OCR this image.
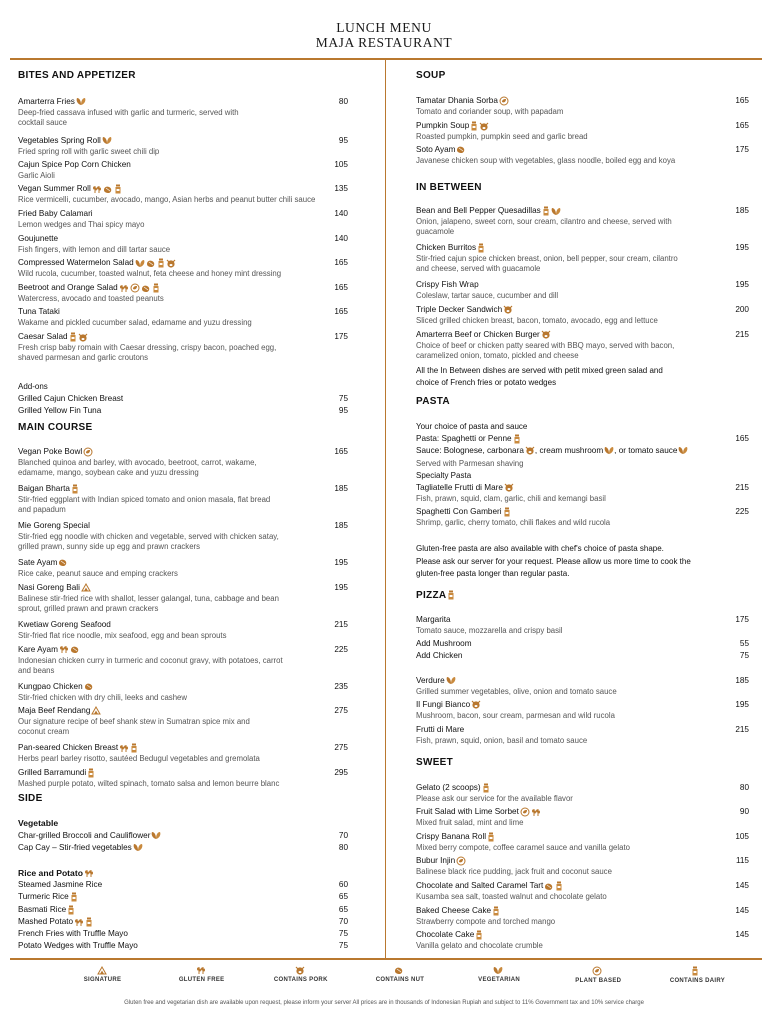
LUNCH MENU
MAJA RESTAURANT
BITES AND APPETIZER
Amarterra Fries	80
Deep-fried cassava infused with garlic and turmeric, served with
cocktail sauce
Vegetables Spring Roll	95
Fried spring roll with garlic sweet chili dip
Cajun Spice Pop Corn Chicken	105
Garlic Aioli
Vegan Summer Roll	135
Rice vermicelli, cucumber, avocado, mango, Asian herbs and peanut butter chili sauce
Fried Baby Calamari	140
Lemon wedges and Thai spicy mayo
Goujunette	140
Fish fingers, with lemon and dill tartar sauce
Compressed Watermelon Salad	165
Wild rucola, cucumber, toasted walnut, feta cheese and honey mint dressing
Beetroot and Orange Salad	165
Watercress, avocado and toasted peanuts
Tuna Tataki	165
Wakame and pickled cucumber salad, edamame and yuzu dressing
Caesar Salad	175
Fresh crisp baby romain with Caesar dressing, crispy bacon, poached egg,
shaved parmesan and garlic croutons
Add-ons
Grilled Cajun Chicken Breast	75
Grilled Yellow Fin Tuna	95
MAIN COURSE
Vegan Poke Bowl	165
Blanched quinoa and barley, with avocado, beetroot, carrot, wakame,
edamame, mango, soybean cake and yuzu dressing
Baigan Bharta	185
Stir-fried eggplant with Indian spiced tomato and onion masala, flat bread
and papadum
Mie Goreng Special	185
Stir-fried egg noodle with chicken and vegetable, served with chicken satay,
grilled prawn, sunny side up egg and prawn crackers
Sate Ayam	195
Rice cake, peanut sauce and emping crackers
Nasi Goreng Bali	195
Balinese stir-fried rice with shallot, lesser galangal, tuna, cabbage and bean
sprout, grilled prawn and prawn crackers
Kwetiaw Goreng Seafood	215
Stir-fried flat rice noodle, mix seafood, egg and bean sprouts
Kare Ayam	225
Indonesian chicken curry in turmeric and coconut gravy, with potatoes, carrot
and beans
Kungpao Chicken	235
Stir-fried chicken with dry chili, leeks and cashew
Maja Beef Rendang	275
Our signature recipe of beef shank stew in Sumatran spice mix and
coconut cream
Pan-seared Chicken Breast	275
Herbs pearl barley risotto, sautéed Bedugul vegetables and gremolata
Grilled Barramundi	295
Mashed purple potato, wilted spinach, tomato salsa and lemon beurre blanc
SIDE
Vegetable
Char-grilled Broccoli and Cauliflower	70
Cap Cay – Stir-fried vegetables	80
Rice and Potato
Steamed Jasmine Rice	60
Turmeric Rice	65
Basmati Rice	65
Mashed Potato	70
French Fries with Truffle Mayo	75
Potato Wedges with Truffle Mayo	75
SOUP
Tamatar Dhania Sorba	165
Tomato and coriander soup, with papadam
Pumpkin Soup	165
Roasted pumpkin, pumpkin seed and garlic bread
Soto Ayam	175
Javanese chicken soup with vegetables, glass noodle, boiled egg and koya
IN BETWEEN
Bean and Bell Pepper Quesadillas	185
Onion, jalapeno, sweet corn, sour cream, cilantro and cheese, served with
guacamole
Chicken Burritos	195
Stir-fried cajun spice chicken breast, onion, bell pepper, sour cream, cilantro
and cheese, served with guacamole
Crispy Fish Wrap	195
Coleslaw, tartar sauce, cucumber and dill
Triple Decker Sandwich	200
Sliced grilled chicken breast, bacon, tomato, avocado, egg and lettuce
Amarterra Beef or Chicken Burger	215
Choice of beef or chicken patty seared with BBQ mayo, served with bacon,
caramelized onion, tomato, pickled and cheese
All the In Between dishes are served with petit mixed green salad and
choice of French fries or potato wedges
PASTA
Your choice of pasta and sauce
Pasta: Spaghetti or Penne	165
Sauce: Bolognese, carbonara , cream mushroom , or tomato sauce
Served with Parmesan shaving
Specialty Pasta
Tagliatelle Frutti di Mare	215
Fish, prawn, squid, clam, garlic, chili and kemangi basil
Spaghetti Con Gamberi	225
Shrimp, garlic, cherry tomato, chili flakes and wild rucola
Gluten-free pasta are also available with chef's choice of pasta shape.
Please ask our server for your request. Please allow us more time to cook the
gluten-free pasta longer than regular pasta.
PIZZA
Margarita	175
Tomato sauce, mozzarella and crispy basil
Add Mushroom	55
Add Chicken	75
Verdure	185
Grilled summer vegetables, olive, onion and tomato sauce
Il Fungi Bianco	195
Mushroom, bacon, sour cream, parmesan and wild rucola
Frutti di Mare	215
Fish, prawn, squid, onion, basil and tomato sauce
SWEET
Gelato (2 scoops)	80
Please ask our service for the available flavor
Fruit Salad with Lime Sorbet	90
Mixed fruit salad, mint and lime
Crispy Banana Roll	105
Mixed berry compote, coffee caramel sauce and vanilla gelato
Bubur Injin	115
Balinese black rice pudding, jack fruit and coconut sauce
Chocolate and Salted Caramel Tart	145
Kusamba sea salt, toasted walnut and chocolate gelato
Baked Cheese Cake	145
Strawberry compote and torched mango
Chocolate Cake	145
Vanilla gelato and chocolate crumble
SIGNATURE	GLUTEN FREE	CONTAINS PORK	CONTAINS NUT	VEGETARIAN	PLANT BASED	CONTAINS DAIRY
Gluten free and vegetarian dish are available upon request, please inform your server All prices are in thousands of Indonesian Rupiah and subject to 11% Government tax and 10% service charge
